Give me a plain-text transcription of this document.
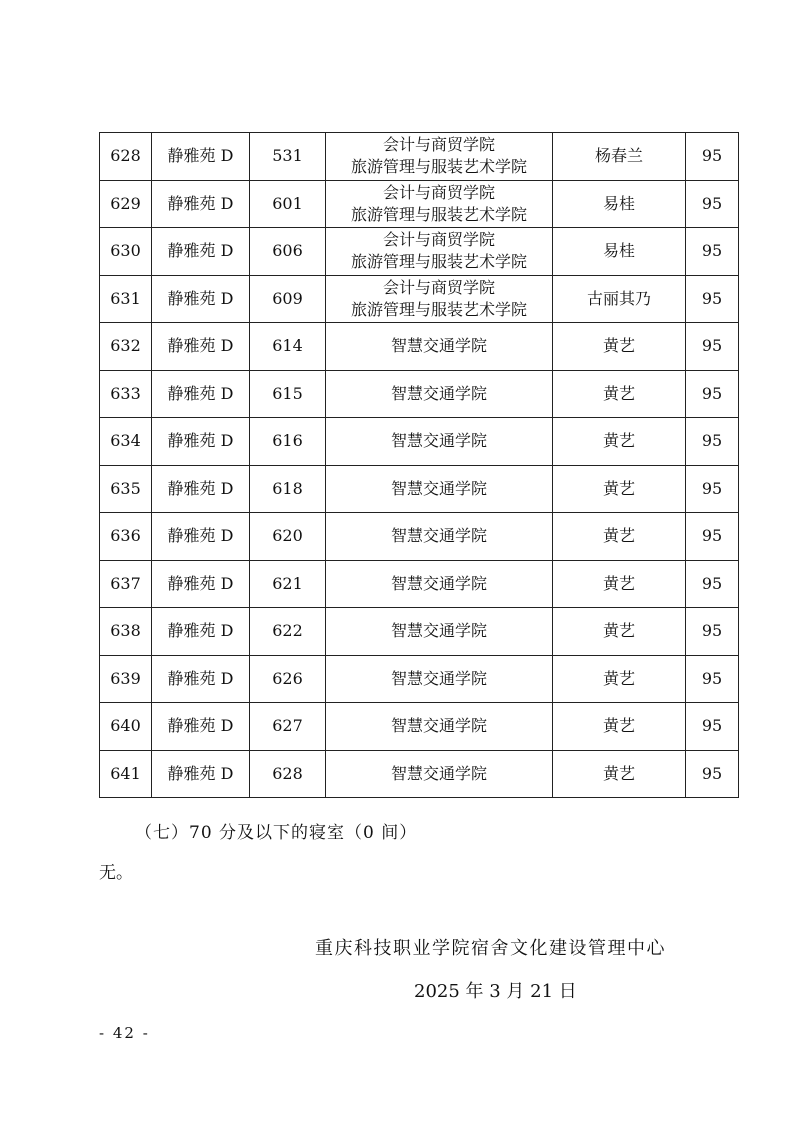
628	静雅苑 D	531	会计与商贸学院
旅游管理与服装艺术学院	杨春兰	95
629	静雅苑 D	601	会计与商贸学院
旅游管理与服装艺术学院	易桂	95
630	静雅苑 D	606	会计与商贸学院
旅游管理与服装艺术学院	易桂	95
631	静雅苑 D	609	会计与商贸学院
旅游管理与服装艺术学院	古丽其乃	95
632	静雅苑 D	614	智慧交通学院	黄艺	95
633	静雅苑 D	615	智慧交通学院	黄艺	95
634	静雅苑 D	616	智慧交通学院	黄艺	95
635	静雅苑 D	618	智慧交通学院	黄艺	95
636	静雅苑 D	620	智慧交通学院	黄艺	95
637	静雅苑 D	621	智慧交通学院	黄艺	95
638	静雅苑 D	622	智慧交通学院	黄艺	95
639	静雅苑 D	626	智慧交通学院	黄艺	95
640	静雅苑 D	627	智慧交通学院	黄艺	95
641	静雅苑 D	628	智慧交通学院	黄艺	95
（七）70 分及以下的寝室（0 间）
无。
重庆科技职业学院宿舍文化建设管理中心
2025 年 3 月 21 日
- 42 -
